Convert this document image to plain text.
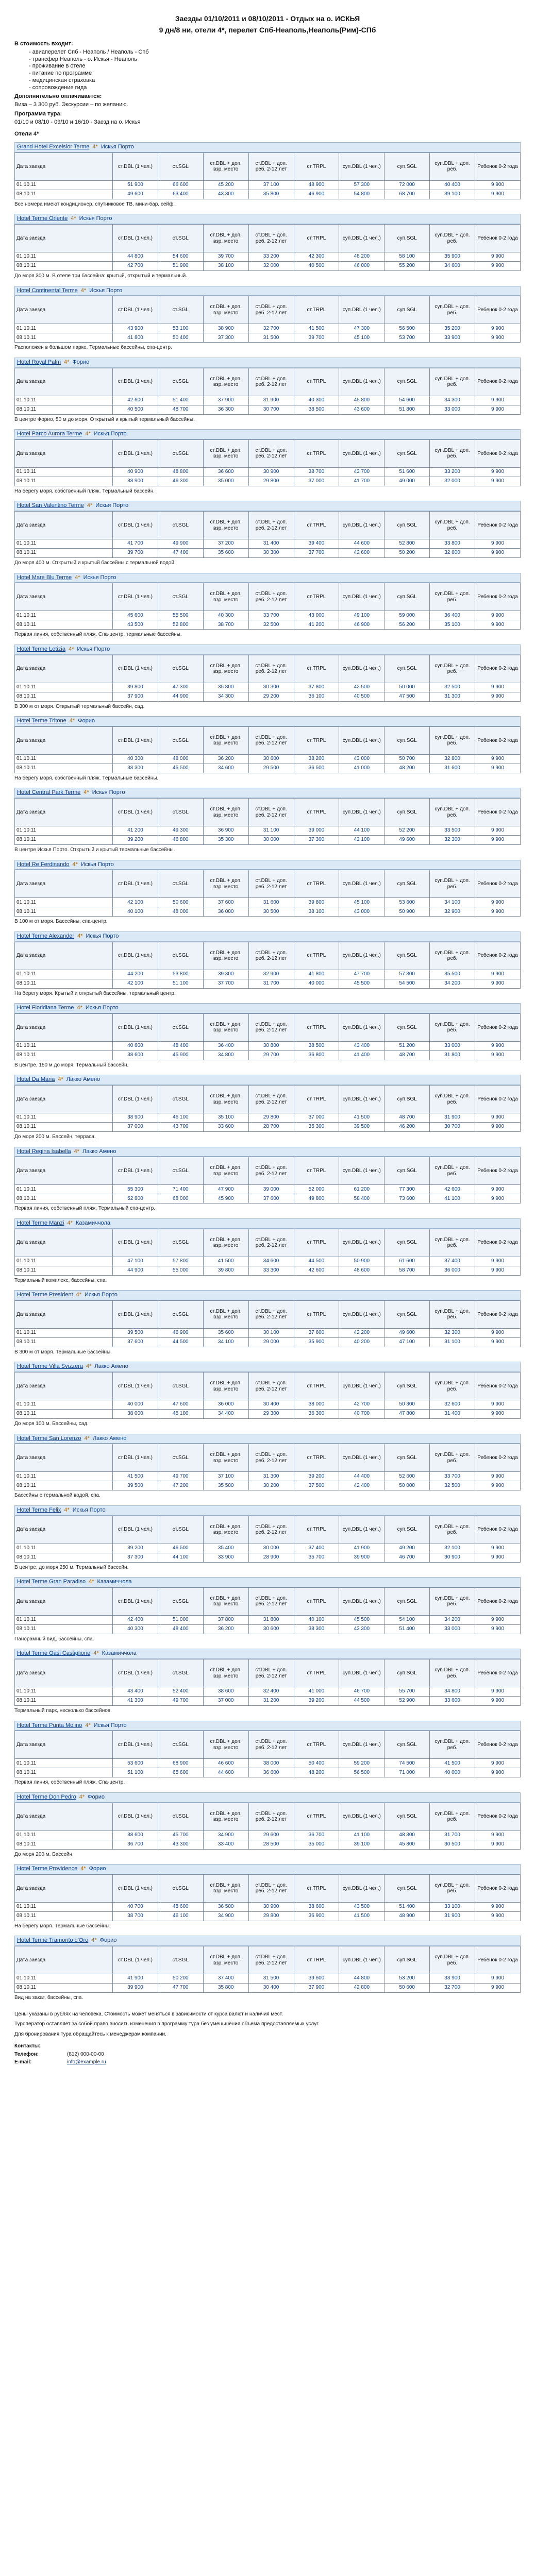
Заезды 01/10/2011 и 08/10/2011 - Отдых на о. ИСКЬЯ
9 дн/8 ни, отели 4*, перелет Спб-Неаполь,Неаполь(Рим)-СПб
В стоимость входит:
- авиаперелет Спб - Неаполь / Неаполь - Спб
- трансфер Неаполь - о. Искья - Неаполь
- проживание в отеле
- питание по программе
- медицинская страховка
- сопровождение гида
Дополнительно оплачивается:
Виза – 3 300 руб. Экскурсии – по желанию.
Программа тура:
01/10 и 08/10 - 09/10 и 16/10 - Заезд на о. Искья
Отели 4*
Grand Hotel Excelsior Terme 4* Искья Порто
Дата заезда	ст.DBL (1 чел.)	ст.SGL	ст.DBL + доп. взр. место	ст.DBL + доп. реб. 2-12 лет	ст.TRPL	суп.DBL (1 чел.)	суп.SGL	суп.DBL + доп. реб.	Ребенок 0-2 года
01.10.11	51 900	66 600	45 200	37 100	48 900	57 300	72 000	40 400	9 900
08.10.11	49 600	63 400	43 300	35 800	46 900	54 800	68 700	39 100	9 900
Все номера имеют кондиционер, спутниковое ТВ, мини-бар, сейф.
Hotel Terme Oriente 4* Искья Порто
Дата заезда	ст.DBL (1 чел.)	ст.SGL	ст.DBL + доп. взр. место	ст.DBL + доп. реб. 2-12 лет	ст.TRPL	суп.DBL (1 чел.)	суп.SGL	суп.DBL + доп. реб.	Ребенок 0-2 года
01.10.11	44 800	54 600	39 700	33 200	42 300	48 200	58 100	35 900	9 900
08.10.11	42 700	51 900	38 100	32 000	40 500	46 000	55 200	34 600	9 900
До моря 300 м. В отеле три бассейна: крытый, открытый и термальный.
Hotel Continental Terme 4* Искья Порто
Дата заезда	ст.DBL (1 чел.)	ст.SGL	ст.DBL + доп. взр. место	ст.DBL + доп. реб. 2-12 лет	ст.TRPL	суп.DBL (1 чел.)	суп.SGL	суп.DBL + доп. реб.	Ребенок 0-2 года
01.10.11	43 900	53 100	38 900	32 700	41 500	47 300	56 500	35 200	9 900
08.10.11	41 800	50 400	37 300	31 500	39 700	45 100	53 700	33 900	9 900
Расположен в большом парке. Термальные бассейны, спа-центр.
Hotel Royal Palm 4* Форио
Дата заезда	ст.DBL (1 чел.)	ст.SGL	ст.DBL + доп. взр. место	ст.DBL + доп. реб. 2-12 лет	ст.TRPL	суп.DBL (1 чел.)	суп.SGL	суп.DBL + доп. реб.	Ребенок 0-2 года
01.10.11	42 600	51 400	37 900	31 900	40 300	45 800	54 600	34 300	9 900
08.10.11	40 500	48 700	36 300	30 700	38 500	43 600	51 800	33 000	9 900
В центре Форио, 50 м до моря. Открытый и крытый термальный бассейны.
Hotel Parco Aurora Terme 4* Искья Порто
Дата заезда	ст.DBL (1 чел.)	ст.SGL	ст.DBL + доп. взр. место	ст.DBL + доп. реб. 2-12 лет	ст.TRPL	суп.DBL (1 чел.)	суп.SGL	суп.DBL + доп. реб.	Ребенок 0-2 года
01.10.11	40 900	48 800	36 600	30 900	38 700	43 700	51 600	33 200	9 900
08.10.11	38 900	46 300	35 000	29 800	37 000	41 700	49 000	32 000	9 900
На берегу моря, собственный пляж. Термальный бассейн.
Hotel San Valentino Terme 4* Искья Порто
Дата заезда	ст.DBL (1 чел.)	ст.SGL	ст.DBL + доп. взр. место	ст.DBL + доп. реб. 2-12 лет	ст.TRPL	суп.DBL (1 чел.)	суп.SGL	суп.DBL + доп. реб.	Ребенок 0-2 года
01.10.11	41 700	49 900	37 200	31 400	39 400	44 600	52 800	33 800	9 900
08.10.11	39 700	47 400	35 600	30 300	37 700	42 600	50 200	32 600	9 900
До моря 400 м. Открытый и крытый бассейны с термальной водой.
Hotel Mare Blu Terme 4* Искья Порто
Дата заезда	ст.DBL (1 чел.)	ст.SGL	ст.DBL + доп. взр. место	ст.DBL + доп. реб. 2-12 лет	ст.TRPL	суп.DBL (1 чел.)	суп.SGL	суп.DBL + доп. реб.	Ребенок 0-2 года
01.10.11	45 600	55 500	40 300	33 700	43 000	49 100	59 000	36 400	9 900
08.10.11	43 500	52 800	38 700	32 500	41 200	46 900	56 200	35 100	9 900
Первая линия, собственный пляж. Спа-центр, термальные бассейны.
Hotel Terme Letizia 4* Искья Порто
Дата заезда	ст.DBL (1 чел.)	ст.SGL	ст.DBL + доп. взр. место	ст.DBL + доп. реб. 2-12 лет	ст.TRPL	суп.DBL (1 чел.)	суп.SGL	суп.DBL + доп. реб.	Ребенок 0-2 года
01.10.11	39 800	47 300	35 800	30 300	37 800	42 500	50 000	32 500	9 900
08.10.11	37 900	44 900	34 300	29 200	36 100	40 500	47 500	31 300	9 900
В 300 м от моря. Открытый термальный бассейн, сад.
Hotel Terme Tritone 4* Форио
Дата заезда	ст.DBL (1 чел.)	ст.SGL	ст.DBL + доп. взр. место	ст.DBL + доп. реб. 2-12 лет	ст.TRPL	суп.DBL (1 чел.)	суп.SGL	суп.DBL + доп. реб.	Ребенок 0-2 года
01.10.11	40 300	48 000	36 200	30 600	38 200	43 000	50 700	32 800	9 900
08.10.11	38 300	45 500	34 600	29 500	36 500	41 000	48 200	31 600	9 900
На берегу моря, собственный пляж. Термальные бассейны.
Hotel Central Park Terme 4* Искья Порто
Дата заезда	ст.DBL (1 чел.)	ст.SGL	ст.DBL + доп. взр. место	ст.DBL + доп. реб. 2-12 лет	ст.TRPL	суп.DBL (1 чел.)	суп.SGL	суп.DBL + доп. реб.	Ребенок 0-2 года
01.10.11	41 200	49 300	36 900	31 100	39 000	44 100	52 200	33 500	9 900
08.10.11	39 200	46 800	35 300	30 000	37 300	42 100	49 600	32 300	9 900
В центре Искья Порто. Открытый и крытый термальные бассейны.
Hotel Re Ferdinando 4* Искья Порто
Дата заезда	ст.DBL (1 чел.)	ст.SGL	ст.DBL + доп. взр. место	ст.DBL + доп. реб. 2-12 лет	ст.TRPL	суп.DBL (1 чел.)	суп.SGL	суп.DBL + доп. реб.	Ребенок 0-2 года
01.10.11	42 100	50 600	37 600	31 600	39 800	45 100	53 600	34 100	9 900
08.10.11	40 100	48 000	36 000	30 500	38 100	43 000	50 900	32 900	9 900
В 100 м от моря. Бассейны, спа-центр.
Hotel Terme Alexander 4* Искья Порто
Дата заезда	ст.DBL (1 чел.)	ст.SGL	ст.DBL + доп. взр. место	ст.DBL + доп. реб. 2-12 лет	ст.TRPL	суп.DBL (1 чел.)	суп.SGL	суп.DBL + доп. реб.	Ребенок 0-2 года
01.10.11	44 200	53 800	39 300	32 900	41 800	47 700	57 300	35 500	9 900
08.10.11	42 100	51 100	37 700	31 700	40 000	45 500	54 500	34 200	9 900
На берегу моря. Крытый и открытый бассейны, термальный центр.
Hotel Floridiana Terme 4* Искья Порто
Дата заезда	ст.DBL (1 чел.)	ст.SGL	ст.DBL + доп. взр. место	ст.DBL + доп. реб. 2-12 лет	ст.TRPL	суп.DBL (1 чел.)	суп.SGL	суп.DBL + доп. реб.	Ребенок 0-2 года
01.10.11	40 600	48 400	36 400	30 800	38 500	43 400	51 200	33 000	9 900
08.10.11	38 600	45 900	34 800	29 700	36 800	41 400	48 700	31 800	9 900
В центре, 150 м до моря. Термальный бассейн.
Hotel Da Maria 4* Лакко Амено
Дата заезда	ст.DBL (1 чел.)	ст.SGL	ст.DBL + доп. взр. место	ст.DBL + доп. реб. 2-12 лет	ст.TRPL	суп.DBL (1 чел.)	суп.SGL	суп.DBL + доп. реб.	Ребенок 0-2 года
01.10.11	38 900	46 100	35 100	29 800	37 000	41 500	48 700	31 900	9 900
08.10.11	37 000	43 700	33 600	28 700	35 300	39 500	46 200	30 700	9 900
До моря 200 м. Бассейн, терраса.
Hotel Regina Isabella 4* Лакко Амено
Дата заезда	ст.DBL (1 чел.)	ст.SGL	ст.DBL + доп. взр. место	ст.DBL + доп. реб. 2-12 лет	ст.TRPL	суп.DBL (1 чел.)	суп.SGL	суп.DBL + доп. реб.	Ребенок 0-2 года
01.10.11	55 300	71 400	47 900	39 000	52 000	61 200	77 300	42 600	9 900
08.10.11	52 800	68 000	45 900	37 600	49 800	58 400	73 600	41 100	9 900
Первая линия, собственный пляж. Термальный спа-центр.
Hotel Terme Manzi 4* Казамиччола
Дата заезда	ст.DBL (1 чел.)	ст.SGL	ст.DBL + доп. взр. место	ст.DBL + доп. реб. 2-12 лет	ст.TRPL	суп.DBL (1 чел.)	суп.SGL	суп.DBL + доп. реб.	Ребенок 0-2 года
01.10.11	47 100	57 800	41 500	34 600	44 500	50 900	61 600	37 400	9 900
08.10.11	44 900	55 000	39 800	33 300	42 600	48 600	58 700	36 000	9 900
Термальный комплекс, бассейны, спа.
Hotel Terme President 4* Искья Порто
Дата заезда	ст.DBL (1 чел.)	ст.SGL	ст.DBL + доп. взр. место	ст.DBL + доп. реб. 2-12 лет	ст.TRPL	суп.DBL (1 чел.)	суп.SGL	суп.DBL + доп. реб.	Ребенок 0-2 года
01.10.11	39 500	46 900	35 600	30 100	37 600	42 200	49 600	32 300	9 900
08.10.11	37 600	44 500	34 100	29 000	35 900	40 200	47 100	31 100	9 900
В 300 м от моря. Термальные бассейны.
Hotel Terme Villa Svizzera 4* Лакко Амено
Дата заезда	ст.DBL (1 чел.)	ст.SGL	ст.DBL + доп. взр. место	ст.DBL + доп. реб. 2-12 лет	ст.TRPL	суп.DBL (1 чел.)	суп.SGL	суп.DBL + доп. реб.	Ребенок 0-2 года
01.10.11	40 000	47 600	36 000	30 400	38 000	42 700	50 300	32 600	9 900
08.10.11	38 000	45 100	34 400	29 300	36 300	40 700	47 800	31 400	9 900
До моря 100 м. Бассейны, сад.
Hotel Terme San Lorenzo 4* Лакко Амено
Дата заезда	ст.DBL (1 чел.)	ст.SGL	ст.DBL + доп. взр. место	ст.DBL + доп. реб. 2-12 лет	ст.TRPL	суп.DBL (1 чел.)	суп.SGL	суп.DBL + доп. реб.	Ребенок 0-2 года
01.10.11	41 500	49 700	37 100	31 300	39 200	44 400	52 600	33 700	9 900
08.10.11	39 500	47 200	35 500	30 200	37 500	42 400	50 000	32 500	9 900
Бассейны с термальной водой, спа.
Hotel Terme Felix 4* Искья Порто
Дата заезда	ст.DBL (1 чел.)	ст.SGL	ст.DBL + доп. взр. место	ст.DBL + доп. реб. 2-12 лет	ст.TRPL	суп.DBL (1 чел.)	суп.SGL	суп.DBL + доп. реб.	Ребенок 0-2 года
01.10.11	39 200	46 500	35 400	30 000	37 400	41 900	49 200	32 100	9 900
08.10.11	37 300	44 100	33 900	28 900	35 700	39 900	46 700	30 900	9 900
В центре, до моря 250 м. Термальный бассейн.
Hotel Terme Gran Paradiso 4* Казамиччола
Дата заезда	ст.DBL (1 чел.)	ст.SGL	ст.DBL + доп. взр. место	ст.DBL + доп. реб. 2-12 лет	ст.TRPL	суп.DBL (1 чел.)	суп.SGL	суп.DBL + доп. реб.	Ребенок 0-2 года
01.10.11	42 400	51 000	37 800	31 800	40 100	45 500	54 100	34 200	9 900
08.10.11	40 300	48 400	36 200	30 600	38 300	43 300	51 400	33 000	9 900
Панорамный вид, бассейны, спа.
Hotel Terme Oasi Castiglione 4* Казамиччола
Дата заезда	ст.DBL (1 чел.)	ст.SGL	ст.DBL + доп. взр. место	ст.DBL + доп. реб. 2-12 лет	ст.TRPL	суп.DBL (1 чел.)	суп.SGL	суп.DBL + доп. реб.	Ребенок 0-2 года
01.10.11	43 400	52 400	38 600	32 400	41 000	46 700	55 700	34 800	9 900
08.10.11	41 300	49 700	37 000	31 200	39 200	44 500	52 900	33 600	9 900
Термальный парк, несколько бассейнов.
Hotel Terme Punta Molino 4* Искья Порто
Дата заезда	ст.DBL (1 чел.)	ст.SGL	ст.DBL + доп. взр. место	ст.DBL + доп. реб. 2-12 лет	ст.TRPL	суп.DBL (1 чел.)	суп.SGL	суп.DBL + доп. реб.	Ребенок 0-2 года
01.10.11	53 600	68 900	46 600	38 000	50 400	59 200	74 500	41 500	9 900
08.10.11	51 100	65 600	44 600	36 600	48 200	56 500	71 000	40 000	9 900
Первая линия, собственный пляж. Спа-центр.
Hotel Terme Don Pedro 4* Форио
Дата заезда	ст.DBL (1 чел.)	ст.SGL	ст.DBL + доп. взр. место	ст.DBL + доп. реб. 2-12 лет	ст.TRPL	суп.DBL (1 чел.)	суп.SGL	суп.DBL + доп. реб.	Ребенок 0-2 года
01.10.11	38 600	45 700	34 900	29 600	36 700	41 100	48 300	31 700	9 900
08.10.11	36 700	43 300	33 400	28 500	35 000	39 100	45 800	30 500	9 900
До моря 200 м. Бассейн.
Hotel Terme Providence 4* Форио
Дата заезда	ст.DBL (1 чел.)	ст.SGL	ст.DBL + доп. взр. место	ст.DBL + доп. реб. 2-12 лет	ст.TRPL	суп.DBL (1 чел.)	суп.SGL	суп.DBL + доп. реб.	Ребенок 0-2 года
01.10.11	40 700	48 600	36 500	30 900	38 600	43 500	51 400	33 100	9 900
08.10.11	38 700	46 100	34 900	29 800	36 900	41 500	48 900	31 900	9 900
На берегу моря. Термальные бассейны.
Hotel Terme Tramonto d'Oro 4* Форио
Дата заезда	ст.DBL (1 чел.)	ст.SGL	ст.DBL + доп. взр. место	ст.DBL + доп. реб. 2-12 лет	ст.TRPL	суп.DBL (1 чел.)	суп.SGL	суп.DBL + доп. реб.	Ребенок 0-2 года
01.10.11	41 900	50 200	37 400	31 500	39 600	44 800	53 200	33 900	9 900
08.10.11	39 900	47 700	35 800	30 400	37 900	42 800	50 600	32 700	9 900
Вид на закат, бассейны, спа.

Цены указаны в рублях на человека. Стоимость может меняться в зависимости от курса валют и наличия мест.

Туроператор оставляет за собой право вносить изменения в программу тура без уменьшения объема предоставляемых услуг.

Для бронирования тура обращайтесь к менеджерам компании.

Контакты:
Телефон:	(812) 000-00-00
E-mail:	info@example.ru
